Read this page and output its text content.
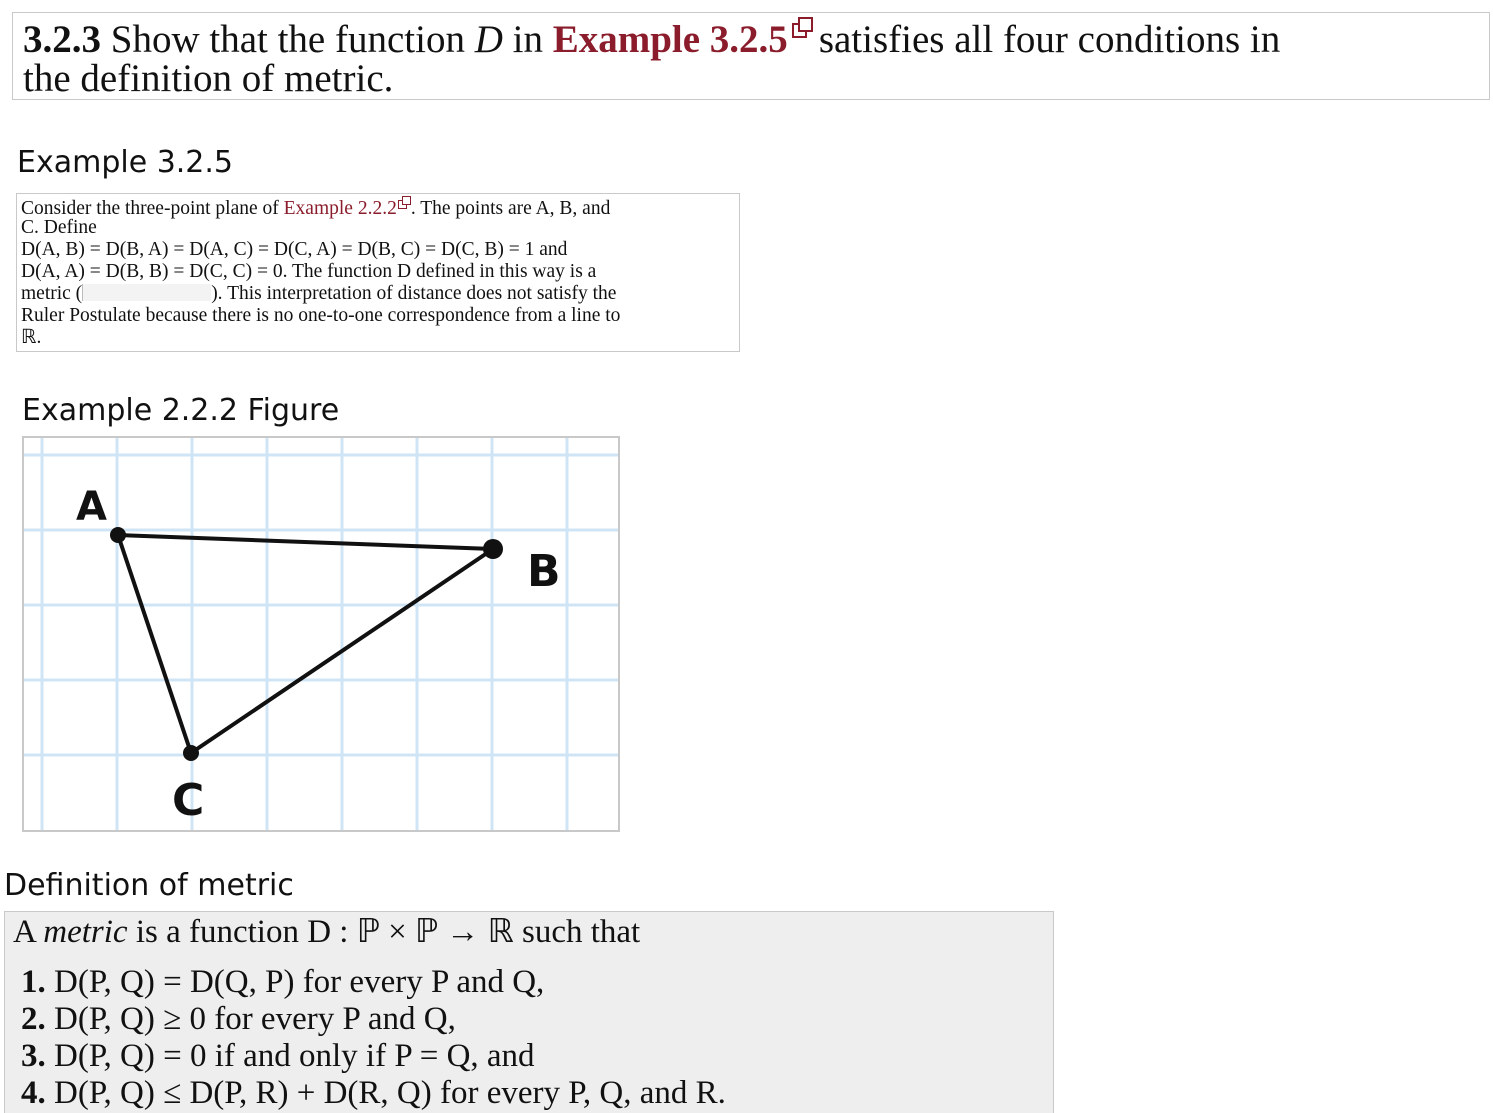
3.2.3 Show that the function D in Example 3.2.5 satisfies all four conditions in
the definition of metric.
Example 3.2.5
Consider the three-point plane of Example 2.2.2 . The points are A, B, and
C. Define
D(A, B) = D(B, A) = D(A, C) = D(C, A) = D(B, C) = D(C, B) = 1 and
D(A, A) = D(B, B) = D(C, C) = 0. The function D defined in this way is a
metric (	). This interpretation of distance does not satisfy the
Ruler Postulate because there is no one-to-one correspondence from a line to
ℝ.
Example 2.2.2 Figure
A
B
C
Definition of metric
A metric is a function D : ℙ × ℙ → ℝ such that
1. D(P, Q) = D(Q, P) for every P and Q,
2. D(P, Q) ≥ 0 for every P and Q,
3. D(P, Q) = 0 if and only if P = Q, and
4. D(P, Q) ≤ D(P, R) + D(R, Q) for every P, Q, and R.
